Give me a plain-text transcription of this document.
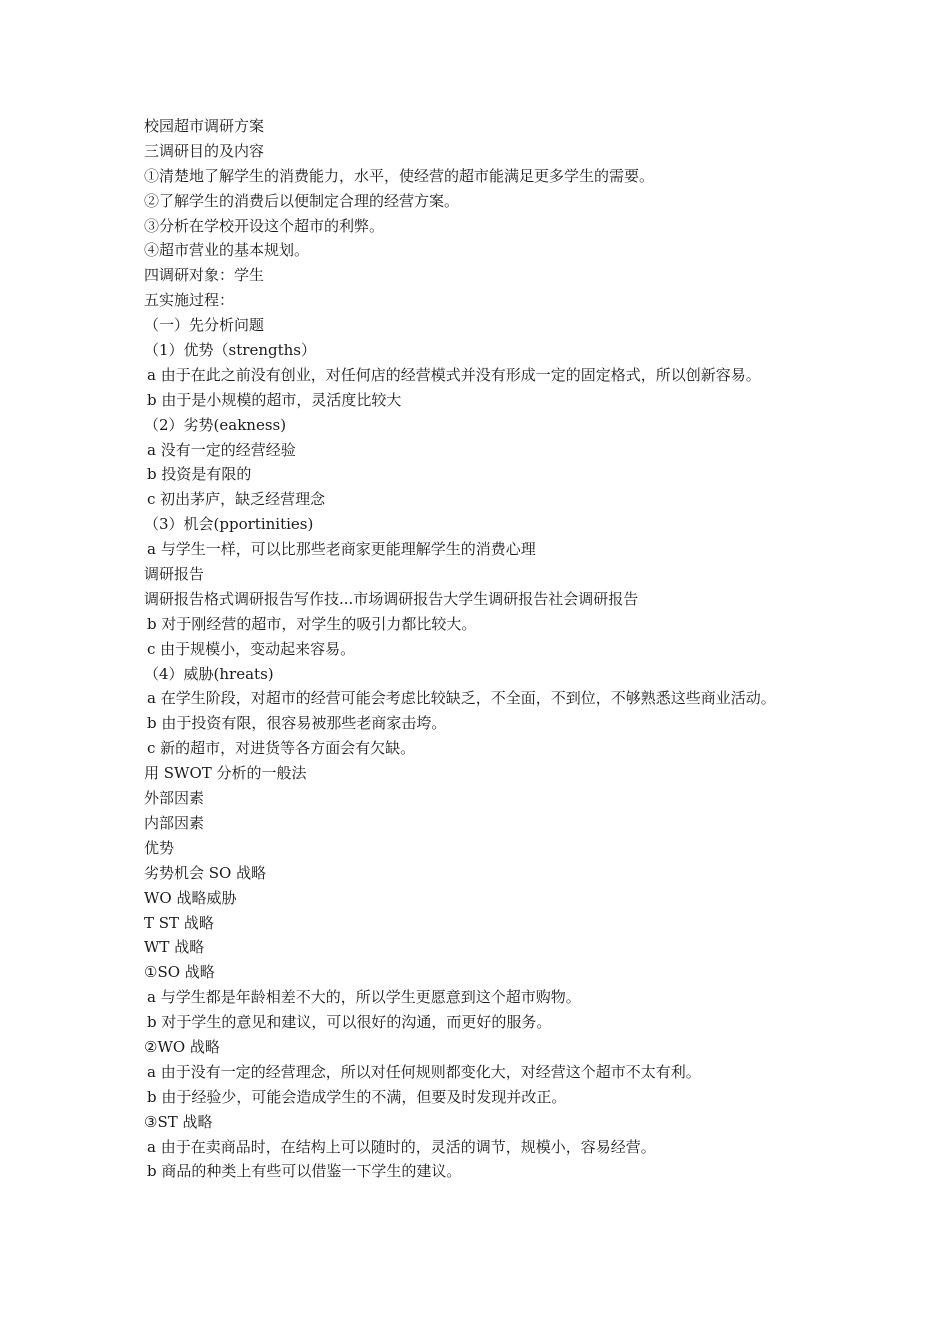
校园超市调研方案
三调研目的及内容
①清楚地了解学生的消费能力，水平，使经营的超市能满足更多学生的需要。
②了解学生的消费后以便制定合理的经营方案。
③分析在学校开设这个超市的利弊。
④超市营业的基本规划。
四调研对象：学生
五实施过程：
（一）先分析问题
（1）优势（strengths）
a 由于在此之前没有创业，对任何店的经营模式并没有形成一定的固定格式，所以创新容易。
b 由于是小规模的超市，灵活度比较大
（2）劣势(eakness)
a 没有一定的经营经验
b 投资是有限的
c 初出茅庐，缺乏经营理念
（3）机会(pportinities)
a 与学生一样，可以比那些老商家更能理解学生的消费心理
调研报告
调研报告格式调研报告写作技...市场调研报告大学生调研报告社会调研报告
b 对于刚经营的超市，对学生的吸引力都比较大。
c 由于规模小，变动起来容易。
（4）威胁(hreats)
a 在学生阶段，对超市的经营可能会考虑比较缺乏，不全面，不到位，不够熟悉这些商业活动。
b 由于投资有限，很容易被那些老商家击垮。
c 新的超市，对进货等各方面会有欠缺。
用 SWOT 分析的一般法
外部因素
内部因素
优势
劣势机会 SO 战略
WO 战略威胁
T ST 战略
WT 战略
①SO 战略
a 与学生都是年龄相差不大的，所以学生更愿意到这个超市购物。
b 对于学生的意见和建议，可以很好的沟通，而更好的服务。
②WO 战略
a 由于没有一定的经营理念，所以对任何规则都变化大，对经营这个超市不太有利。
b 由于经验少，可能会造成学生的不满，但要及时发现并改正。
③ST 战略
a 由于在卖商品时，在结构上可以随时的，灵活的调节，规模小，容易经营。
b 商品的种类上有些可以借鉴一下学生的建议。
